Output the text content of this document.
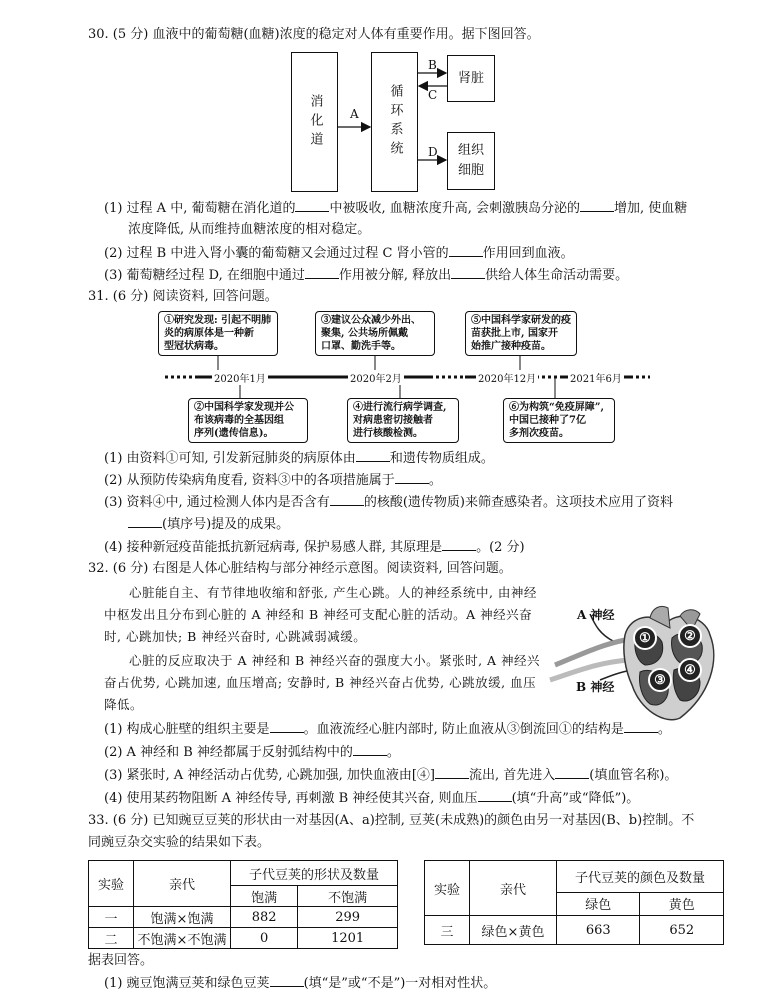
30. (5 分) 血液中的葡萄糖(血糖)浓度的稳定对人体有重要作用。据下图回答。
消化道	循环系统
肾脏
组织
细胞
A
B
C
D
(1) 过程 A 中, 葡萄糖在消化道的	中被吸收, 血糖浓度升高, 会刺激胰岛分泌的	增加, 使血糖
浓度降低, 从而维持血糖浓度的相对稳定。
(2) 过程 B 中进入肾小囊的葡萄糖又会通过过程 C 肾小管的	作用回到血液。
(3) 葡萄糖经过程 D, 在细胞中通过	作用被分解, 释放出	供给人体生命活动需要。
31. (6 分) 阅读资料, 回答问题。
①研究发现: 引起不明肺
炎的病原体是一种新
型冠状病毒。
③建议公众减少外出、
聚集, 公共场所佩戴
口罩、勤洗手等。
⑤中国科学家研发的疫
苗获批上市, 国家开
始推广接种疫苗。
2020年1月	2020年2月	2020年12月	2021年6月
②中国科学家发现并公
布该病毒的全基因组
序列(遗传信息)。
④进行流行病学调查,
对病患密切接触者
进行核酸检测。
⑥为构筑“免疫屏障”,
中国已接种了7亿
多剂次疫苗。
(1) 由资料①可知, 引发新冠肺炎的病原体由	和遗传物质组成。
(2) 从预防传染病角度看, 资料③中的各项措施属于	。
(3) 资料④中, 通过检测人体内是否含有	的核酸(遗传物质)来筛查感染者。这项技术应用了资料
(填序号)提及的成果。
(4) 接种新冠疫苗能抵抗新冠病毒, 保护易感人群, 其原理是	。(2 分)
32. (6 分) 右图是人体心脏结构与部分神经示意图。阅读资料, 回答问题。
心脏能自主、有节律地收缩和舒张, 产生心跳。人的神经系统中, 由神经中枢发出且分布到心脏的 A 神经和 B 神经可支配心脏的活动。A 神经兴奋时, 心跳加快; B 神经兴奋时, 心跳减弱减缓。
心脏的反应取决于 A 神经和 B 神经兴奋的强度大小。紧张时, A 神经兴奋占优势, 心跳加速, 血压增高; 安静时, B 神经兴奋占优势, 心跳放缓, 血压降低。
A 神经
B 神经
①	②
③
④
(1) 构成心脏壁的组织主要是	。血液流经心脏内部时, 防止血液从③倒流回①的结构是	。
(2) A 神经和 B 神经都属于反射弧结构中的	。
(3) 紧张时, A 神经活动占优势, 心跳加强, 加快血液由[④]	流出, 首先进入	(填血管名称)。
(4) 使用某药物阻断 A 神经传导, 再刺激 B 神经使其兴奋, 则血压	(填“升高”或“降低”)。
33. (6 分) 已知豌豆豆荚的形状由一对基因(A、a)控制, 豆荚(未成熟)的颜色由另一对基因(B、b)控制。不
同豌豆杂交实验的结果如下表。
实验	亲代	子代豆荚的形状及数量	
		饱满	不饱满
一	饱满×饱满	882	299
二	不饱满×不饱满	0	1201
实验	亲代	子代豆荚的颜色及数量	
		绿色	黄色
三	绿色×黄色	663	652
据表回答。
(1) 豌豆饱满豆荚和绿色豆荚	(填“是”或“不是”)一对相对性状。
